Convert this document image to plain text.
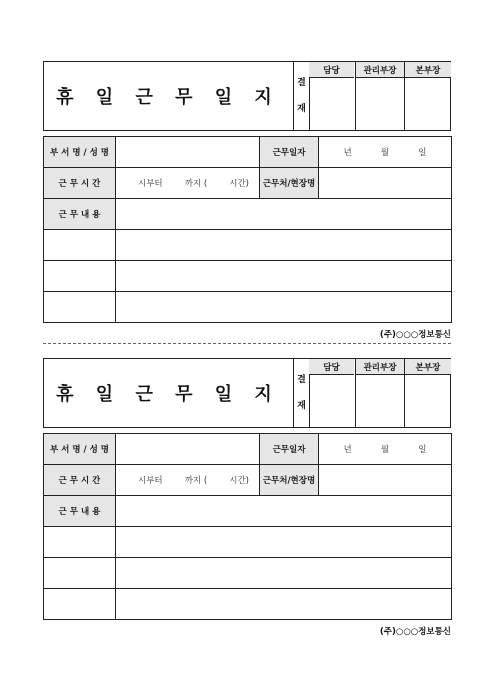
휴 일 근 무 일 지
결
재
담당	관리부장	본부장
부 서 명 / 성 명		근무일자	년 월 일

근 무 시 간	시부터 까지 ( 시간)	근무처/현장명	
근 무 내 용			

(주)○○○정보통신
휴 일 근 무 일 지
결
재
담당	관리부장	본부장
부 서 명 / 성 명		근무일자	년 월 일

근 무 시 간	시부터 까지 ( 시간)	근무처/현장명	
근 무 내 용			

(주)○○○정보통신
